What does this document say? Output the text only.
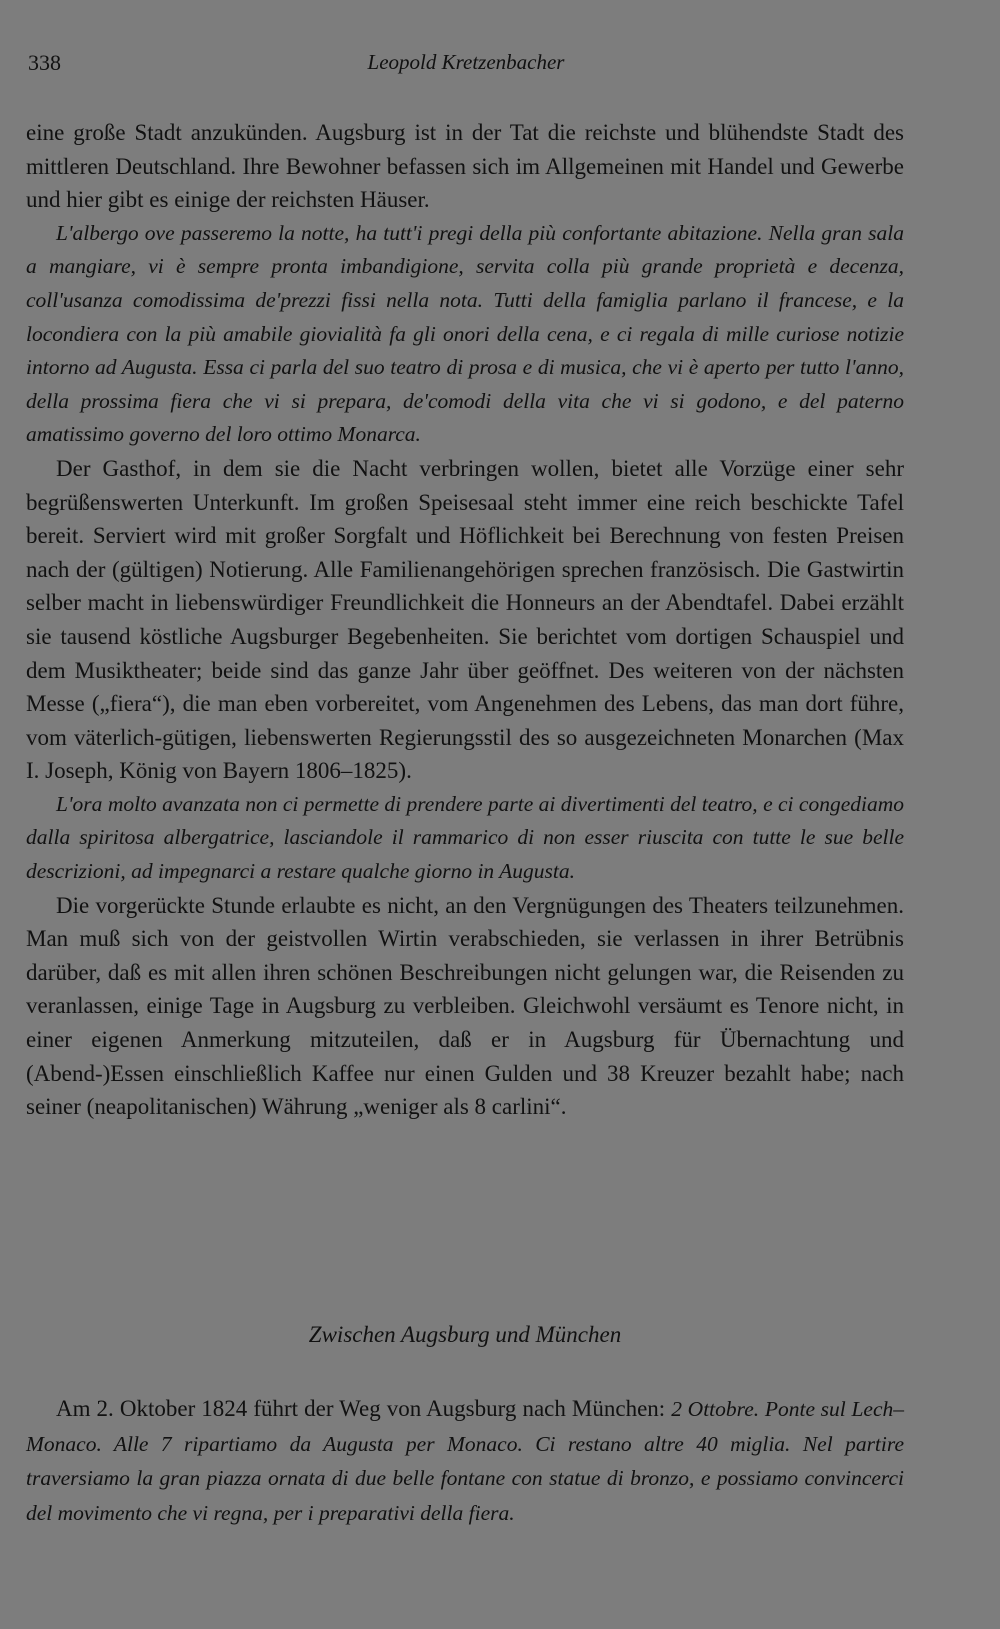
338	Leopold Kretzenbacher

eine große Stadt anzukünden. Augsburg ist in der Tat die reichste und blühendste Stadt des mittleren Deutschland. Ihre Bewohner befassen sich im Allgemeinen mit Handel und Gewerbe und hier gibt es einige der reichsten Häuser.

L'albergo ove passeremo la notte, ha tutt'i pregi della più confortante abitazione. Nella gran sala a mangiare, vi è sempre pronta imbandigione, servita colla più grande proprietà e decenza, coll'usanza comodissima de'prezzi fissi nella nota. Tutti della famiglia parlano il francese, e la locondiera con la più amabile giovialità fa gli onori della cena, e ci regala di mille curiose notizie intorno ad Augusta. Essa ci parla del suo teatro di prosa e di musica, che vi è aperto per tutto l'anno, della prossima fiera che vi si prepara, de'comodi della vita che vi si godono, e del paterno amatissimo governo del loro ottimo Monarca.

Der Gasthof, in dem sie die Nacht verbringen wollen, bietet alle Vorzüge einer sehr begrüßenswerten Unterkunft. Im großen Speisesaal steht immer eine reich beschickte Tafel bereit. Serviert wird mit großer Sorgfalt und Höflichkeit bei Berechnung von festen Preisen nach der (gültigen) Notierung. Alle Familienangehörigen sprechen französisch. Die Gastwirtin selber macht in liebenswürdiger Freundlichkeit die Honneurs an der Abendtafel. Dabei erzählt sie tausend köstliche Augsburger Begebenheiten. Sie berichtet vom dortigen Schauspiel und dem Musiktheater; beide sind das ganze Jahr über geöffnet. Des weiteren von der nächsten Messe („fiera“), die man eben vorbereitet, vom Angenehmen des Lebens, das man dort führe, vom väterlich-gütigen, liebenswerten Regierungsstil des so ausgezeichneten Monarchen (Max I. Joseph, König von Bayern 1806–1825).

L'ora molto avanzata non ci permette di prendere parte ai divertimenti del teatro, e ci congediamo dalla spiritosa albergatrice, lasciandole il rammarico di non esser riuscita con tutte le sue belle descrizioni, ad impegnarci a restare qualche giorno in Augusta.

Die vorgerückte Stunde erlaubte es nicht, an den Vergnügungen des Theaters teilzunehmen. Man muß sich von der geistvollen Wirtin verabschieden, sie verlassen in ihrer Betrübnis darüber, daß es mit allen ihren schönen Beschreibungen nicht gelungen war, die Reisenden zu veranlassen, einige Tage in Augsburg zu verbleiben. Gleichwohl versäumt es Tenore nicht, in einer eigenen Anmerkung mitzuteilen, daß er in Augsburg für Übernachtung und (Abend-)Essen einschließlich Kaffee nur einen Gulden und 38 Kreuzer bezahlt habe; nach seiner (neapolitanischen) Währung „weniger als 8 carlini“.

Zwischen Augsburg und München

Am 2. Oktober 1824 führt der Weg von Augsburg nach München: 2 Ottobre. Ponte sul Lech–Monaco. Alle 7 ripartiamo da Augusta per Monaco. Ci restano altre 40 miglia. Nel partire traversiamo la gran piazza ornata di due belle fontane con statue di bronzo, e possiamo convincerci del movimento che vi regna, per i preparativi della fiera.
